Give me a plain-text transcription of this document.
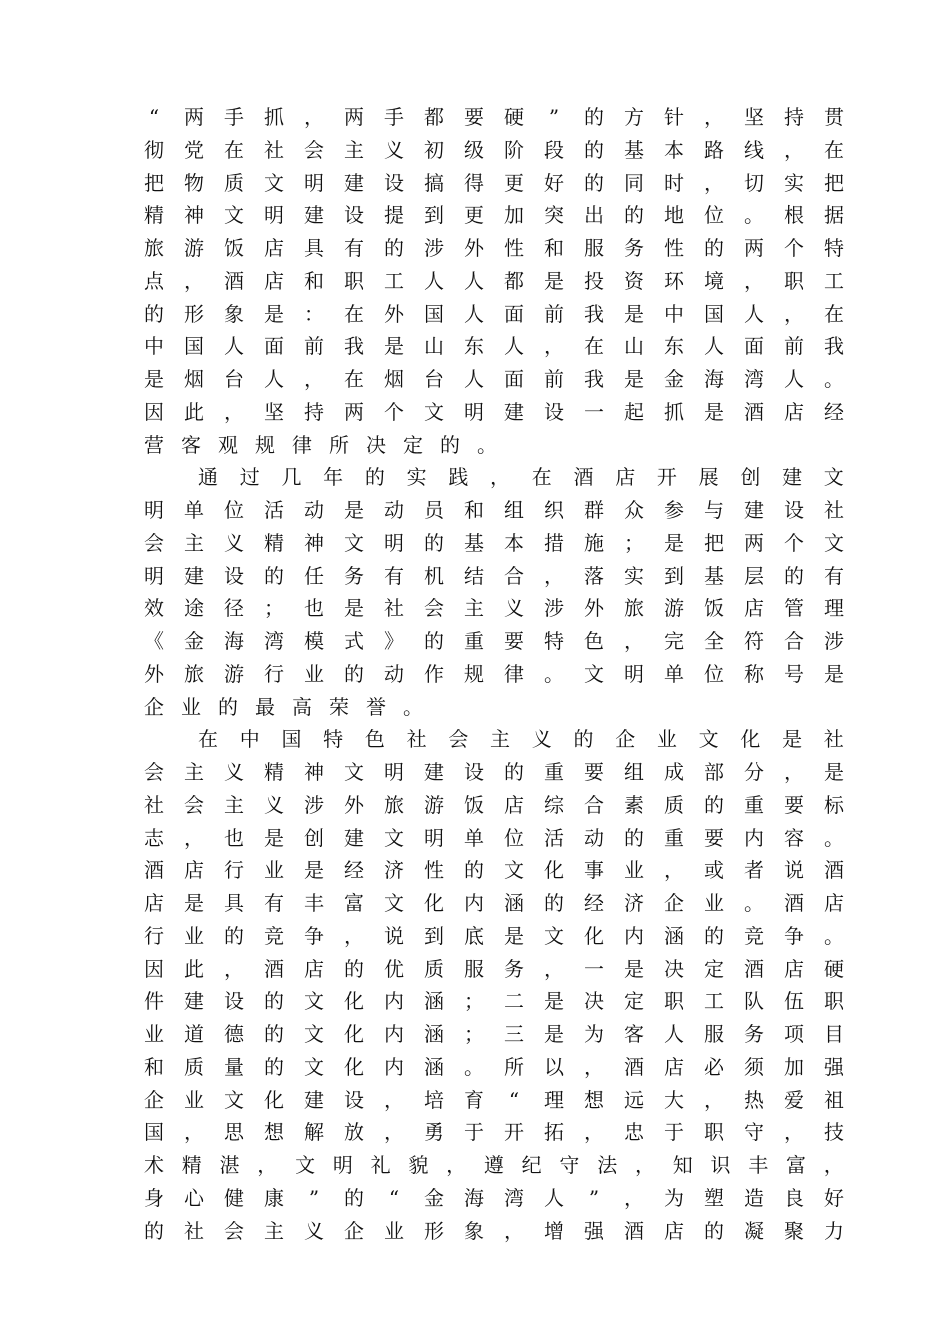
“ 两 手 抓 ， 两 手 都 要 硬 ” 的 方 针 ， 坚 持 贯
彻 党 在 社 会 主 义 初 级 阶 段 的 基 本 路 线 ， 在
把 物 质 文 明 建 设 搞 得 更 好 的 同 时 ， 切 实 把
精 神 文 明 建 设 提 到 更 加 突 出 的 地 位 。 根 据
旅 游 饭 店 具 有 的 涉 外 性 和 服 务 性 的 两 个 特
点 ， 酒 店 和 职 工 人 人 都 是 投 资 环 境 ， 职 工
的 形 象 是 ： 在 外 国 人 面 前 我 是 中 国 人 ， 在
中 国 人 面 前 我 是 山 东 人 ， 在 山 东 人 面 前 我
是 烟 台 人 ， 在 烟 台 人 面 前 我 是 金 海 湾 人 。
因 此 ， 坚 持 两 个 文 明 建 设 一 起 抓 是 酒 店 经
营 客 观 规 律 所 决 定 的 。
通 过 几 年 的 实 践 ， 在 酒 店 开 展 创 建 文
明 单 位 活 动 是 动 员 和 组 织 群 众 参 与 建 设 社
会 主 义 精 神 文 明 的 基 本 措 施 ； 是 把 两 个 文
明 建 设 的 任 务 有 机 结 合 ， 落 实 到 基 层 的 有
效 途 径 ； 也 是 社 会 主 义 涉 外 旅 游 饭 店 管 理
《 金 海 湾 模 式 》 的 重 要 特 色 ， 完 全 符 合 涉
外 旅 游 行 业 的 动 作 规 律 。 文 明 单 位 称 号 是
企 业 的 最 高 荣 誉 。
在 中 国 特 色 社 会 主 义 的 企 业 文 化 是 社
会 主 义 精 神 文 明 建 设 的 重 要 组 成 部 分 ， 是
社 会 主 义 涉 外 旅 游 饭 店 综 合 素 质 的 重 要 标
志 ， 也 是 创 建 文 明 单 位 活 动 的 重 要 内 容 。
酒 店 行 业 是 经 济 性 的 文 化 事 业 ， 或 者 说 酒
店 是 具 有 丰 富 文 化 内 涵 的 经 济 企 业 。 酒 店
行 业 的 竞 争 ， 说 到 底 是 文 化 内 涵 的 竞 争 。
因 此 ， 酒 店 的 优 质 服 务 ， 一 是 决 定 酒 店 硬
件 建 设 的 文 化 内 涵 ； 二 是 决 定 职 工 队 伍 职
业 道 德 的 文 化 内 涵 ； 三 是 为 客 人 服 务 项 目
和 质 量 的 文 化 内 涵 。 所 以 ， 酒 店 必 须 加 强
企 业 文 化 建 设 ， 培 育 “ 理 想 远 大 ， 热 爱 祖
国 ， 思 想 解 放 ， 勇 于 开 拓 ， 忠 于 职 守 ， 技
术 精 湛 ， 文 明 礼 貌 ， 遵 纪 守 法 ， 知 识 丰 富 ，
身 心 健 康 ” 的 “ 金 海 湾 人 ” ， 为 塑 造 良 好
的 社 会 主 义 企 业 形 象 ， 增 强 酒 店 的 凝 聚 力
